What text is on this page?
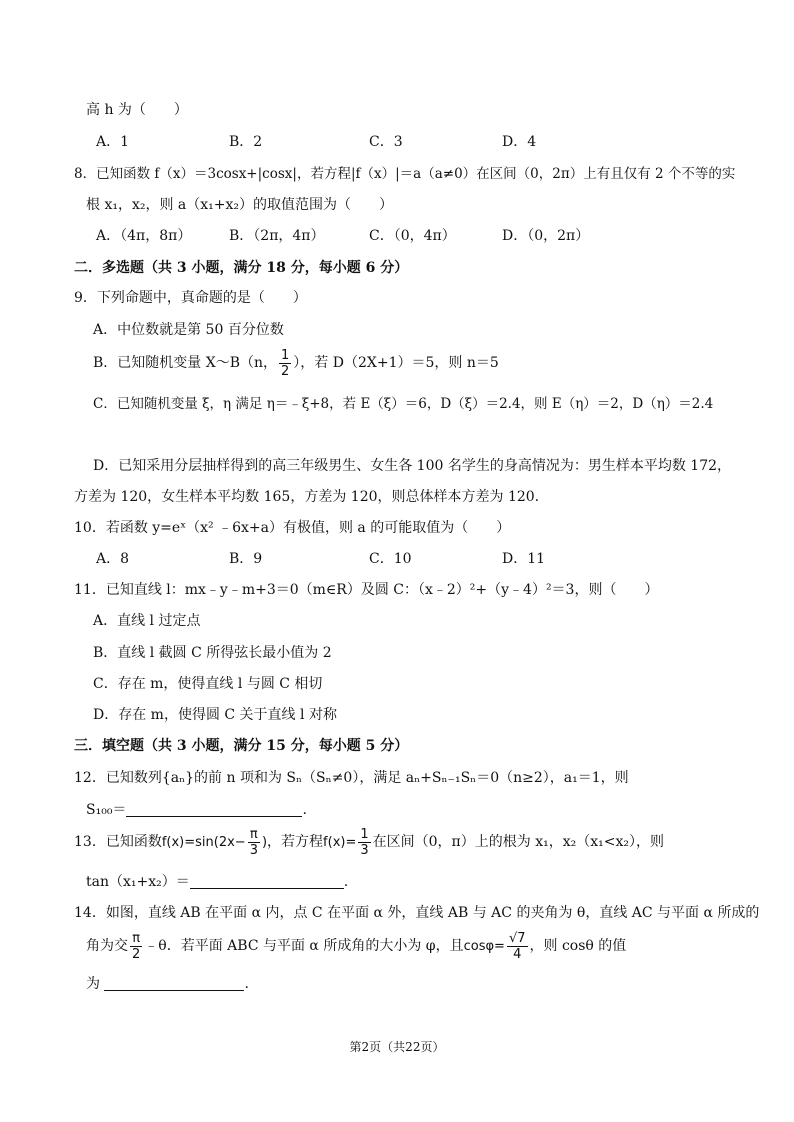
高 h 为（　　）
A．1	B．2	C．3	D．4
8．已知函数 f（x）＝3cosx+|cosx|，若方程|f（x）|＝a（a≠0）在区间（0，2π）上有且仅有 2 个不等的实
根 x₁，x₂，则 a（x₁+x₂）的取值范围为（　　）
A．（4π，8π）	B．（2π，4π）	C．（0，4π）	D．（0，2π）
二．多选题（共 3 小题，满分 18 分，每小题 6 分）
9．下列命题中，真命题的是（　　）
A．中位数就是第 50 百分位数
B．已知随机变量 X～B（n， $\frac{1}{2}$ ），若 D（2X+1）＝5，则 n＝5
C．已知随机变量 ξ，η 满足 η＝﹣ξ+8，若 E（ξ）＝6，D（ξ）＝2.4，则 E（η）＝2，D（η）＝2.4
D．已知采用分层抽样得到的高三年级男生、女生各 100 名学生的身高情况为：男生样本平均数 172，
方差为 120，女生样本平均数 165，方差为 120，则总体样本方差为 120.
10．若函数 y=eˣ（x² ﹣6x+a）有极值，则 a 的可能取值为（　　）
A．8	B．9	C．10	D．11
11．已知直线 l：mx﹣y﹣m+3＝0（m∈R）及圆 C：（x﹣2）²+（y﹣4）²＝3，则（　　）
A．直线 l 过定点
B．直线 l 截圆 C 所得弦长最小值为 2
C．存在 m，使得直线 l 与圆 C 相切
D．存在 m，使得圆 C 关于直线 l 对称
三．填空题（共 3 小题，满分 15 分，每小题 5 分）
12．已知数列{aₙ}的前 n 项和为 Sₙ（Sₙ≠0），满足 aₙ+Sₙ₋₁Sₙ＝0（n≥2），a₁＝1，则
S₁₀₀＝	.
13．已知函数$f(x)=\sin(2x- \frac{\pi}{3}$ )，若方程$f(x)= \frac{1}{3}$ 在区间（0，π）上的根为 x₁，x₂（x₁<x₂），则
tan（x₁+x₂）＝	.
14．如图，直线 AB 在平面 α 内，点 C 在平面 α 外，直线 AB 与 AC 的夹角为 θ，直线 AC 与平面 α 所成的
角为交 $\frac{\pi}{2}$ ﹣θ．若平面 ABC 与平面 α 所成角的大小为 φ，且$\cos\varphi= \frac{√7}{4}$ ，则 cosθ 的值
为	.
第2页（共22页）
